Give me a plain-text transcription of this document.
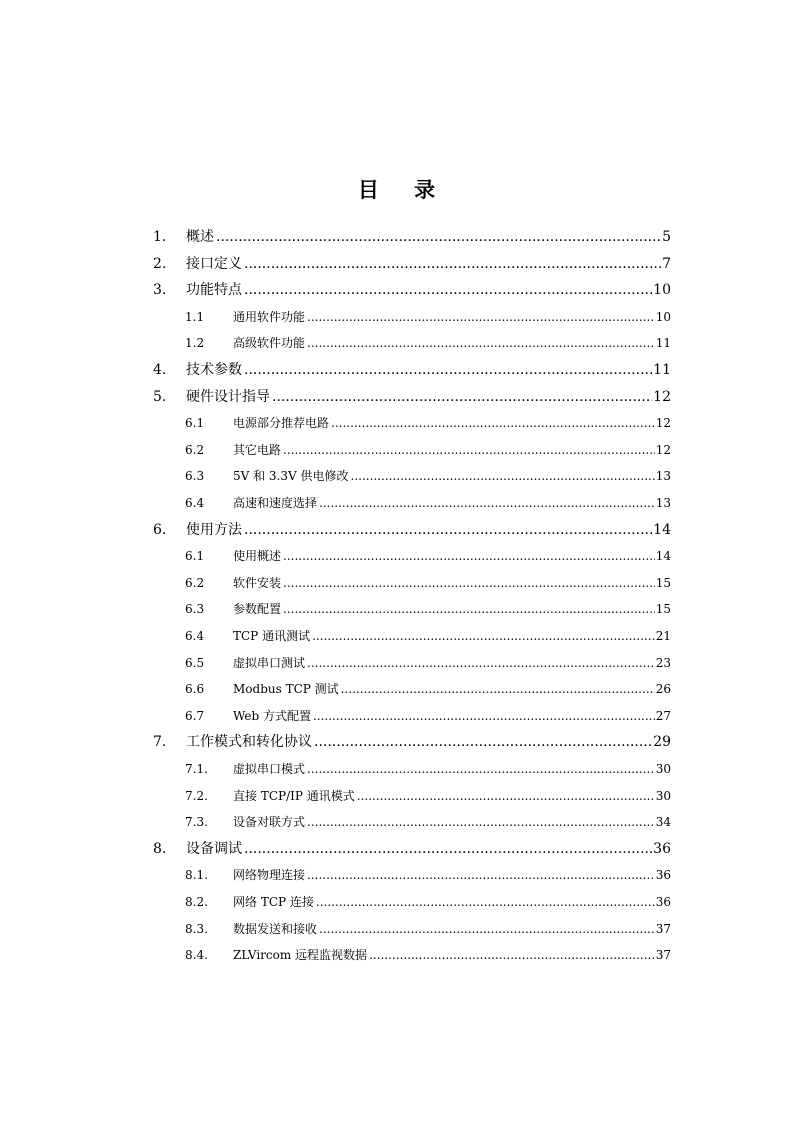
目 录
1. 概述 .....	5
2. 接口定义 .....	7
3. 功能特点 .....	10
1.1 通用软件功能 .....	10
1.2 高级软件功能 .....	11
4. 技术参数 .....	11
5. 硬件设计指导 .....	12
6.1 电源部分推荐电路 .....	12
6.2 其它电路 .....	12
6.3 5V 和 3.3V 供电修改 .....	13
6.4 高速和速度选择 .....	13
6. 使用方法 .....	14
6.1 使用概述 .....	14
6.2 软件安装 .....	15
6.3 参数配置 .....	15
6.4 TCP 通讯测试 .....	21
6.5 虚拟串口测试 .....	23
6.6 Modbus TCP 测试 .....	26
6.7 Web 方式配置 .....	27
7. 工作模式和转化协议 .....	29
7.1. 虚拟串口模式 .....	30
7.2. 直接 TCP/IP 通讯模式 .....	30
7.3. 设备对联方式 .....	34
8. 设备调试 .....	36
8.1. 网络物理连接 .....	36
8.2. 网络 TCP 连接 .....	36
8.3. 数据发送和接收 .....	37
8.4. ZLVircom 远程监视数据 .....	37
